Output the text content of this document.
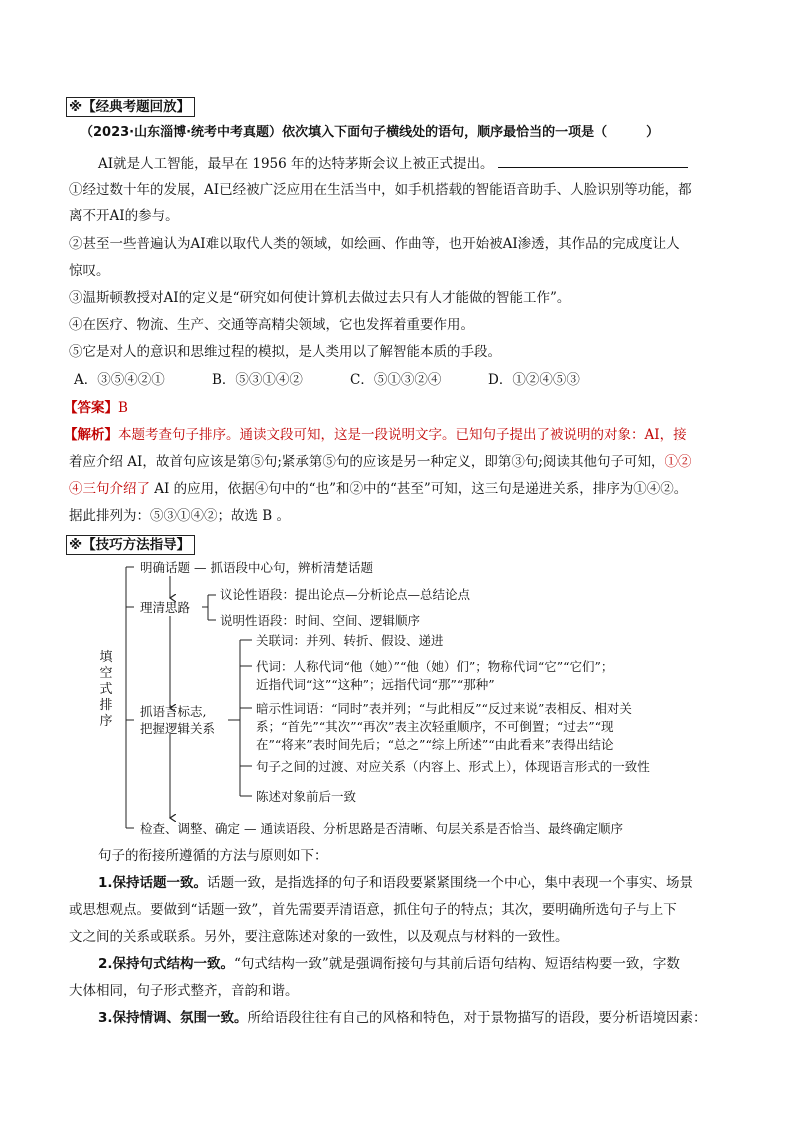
※【经典考题回放】
（2023·山东淄博·统考中考真题）依次填入下面句子横线处的语句，顺序最恰当的一项是（　　　）
AI就是人工智能，最早在 1956 年的达特茅斯会议上被正式提出。
①经过数十年的发展，AI已经被广泛应用在生活当中，如手机搭载的智能语音助手、人脸识别等功能，都
离不开AI的参与。
②甚至一些普遍认为AI难以取代人类的领域，如绘画、作曲等，也开始被AI渗透，其作品的完成度让人
惊叹。
③温斯顿教授对AI的定义是“研究如何使计算机去做过去只有人才能做的智能工作”。
④在医疗、物流、生产、交通等高精尖领域，它也发挥着重要作用。
⑤它是对人的意识和思维过程的模拟，是人类用以了解智能本质的手段。
A．③⑤④②①	B．⑤③①④②	C．⑤①③②④	D．①②④⑤③
【答案】B
【解析】本题考查句子排序。通读文段可知，这是一段说明文字。已知句子提出了被说明的对象：AI，接
着应介绍 AI，故首句应该是第⑤句;紧承第⑤句的应该是另一种定义，即第③句;阅读其他句子可知，①②
④三句介绍了 AI 的应用，依据④句中的“也”和②中的“甚至”可知，这三句是递进关系，排序为①④②。
据此排列为：⑤③①④②；故选 B 。
※【技巧方法指导】
填空式排序
明确话题 — 抓语段中心句，辨析清楚话题
理清思路
议论性语段：提出论点—分析论点—总结论点
说明性语段：时间、空间、逻辑顺序
抓语言标志,
把握逻辑关系
关联词：并列、转折、假设、递进
代词：人称代词“他（她）”“他（她）们”；物称代词“它”“它们”；
近指代词“这”“这种”；远指代词“那”“那种”
暗示性词语：“同时”表并列；“与此相反”“反过来说”表相反、相对关
系；“首先”“其次”“再次”表主次轻重顺序，不可倒置；“过去”“现
在”“将来”表时间先后；“总之”“综上所述”“由此看来”表得出结论
句子之间的过渡、对应关系（内容上、形式上），体现语言形式的一致性
陈述对象前后一致
检查、调整、确定 — 通读语段、分析思路是否清晰、句层关系是否恰当、最终确定顺序
句子的衔接所遵循的方法与原则如下：
1.保持话题一致。话题一致，是指选择的句子和语段要紧紧围绕一个中心，集中表现一个事实、场景
或思想观点。要做到“话题一致”，首先需要弄清语意，抓住句子的特点；其次，要明确所选句子与上下
文之间的关系或联系。另外，要注意陈述对象的一致性，以及观点与材料的一致性。
2.保持句式结构一致。“句式结构一致”就是强调衔接句与其前后语句结构、短语结构要一致，字数
大体相同，句子形式整齐，音韵和谐。
3.保持情调、氛围一致。所给语段往往有自己的风格和特色，对于景物描写的语段，要分析语境因素：
